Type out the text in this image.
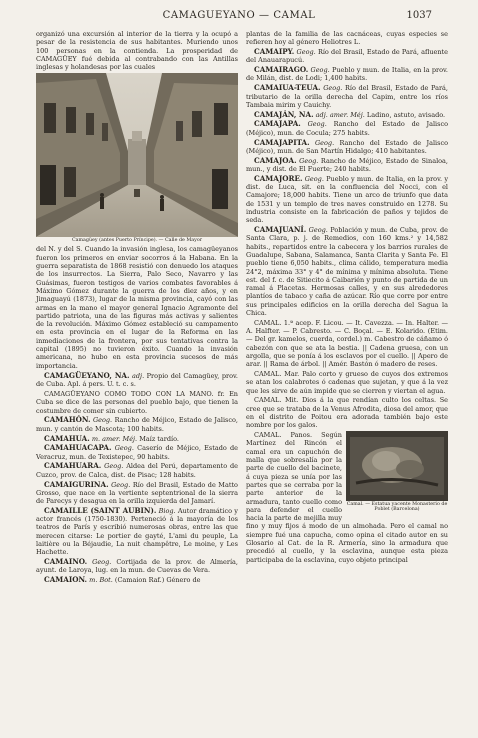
CAMAGUEYANO — CAMAL	1037

organizó una excursión al interior de la tierra y la ocupó a pesar de la resistencia de sus habitantes. Muriendo unos 100 personas en la contienda. La prosperidad de CAMAGÜEY fué debida al contrabando con las Antillas inglesas y holandesas por las cuales

Camagüey (antes Puerto Príncipe). — Calle de Mayor

del N. y del S. Cuando la invasión inglesa, los camagüeyanos fueron los primeros en enviar socorros á la Habana. En la guerra separatista de 1868 resistió con denuedo los ataques de los insurrectos. La Sierra, Palo Seco, Navarro y las Guásimas, fueron testigos de varios combates favorables á Máximo Gómez durante la guerra de los diez años, y en Jimaguayú (1873), lugar de la misma provincia, cayó con las armas en la mano el mayor general Ignacio Agramonte del partido patriota, una de las figuras más activas y salientes de la revolución. Máximo Gómez estableció su campamento en esta provincia en el lugar de la Reforma en las inmediaciones de la frontera, por sus tentativas contra la capital (1895) no tuvieron éxito. Cuando la invasión americana, no hubo en esta provincia sucesos de más importancia.

CAMAGÜEYANO, NA. adj. Propio del Camagüey, prov. de Cuba. Apl. á pers. U. t. c. s.

CAMAGÜEYANO COMO TODO CON LA MANO. fr. En Cuba se dice de las personas del pueblo bajo, que tienen la costumbre de comer sin cubierto.

CAMAHÓN. Geog. Rancho de Méjico, Estado de Jalisco, mun. y cantón de Mascota; 100 habits.

CAMAHUA. m. amer. Méj. Maíz tardío.

CAMAHUACAPA. Geog. Caserío de Méjico, Estado de Veracruz, mun. de Texistepec, 90 habits.

CAMAHUARA. Geog. Aldea del Perú, departamento de Cuzco, prov. de Calca, dist. de Pisac; 128 habits.

CAMAIGURINA. Geog. Río del Brasil, Estado de Matto Grosso, que nace en la vertiente septentrional de la sierra de Parecys y desagua en la orilla izquierda del Jamarí.

CAMAILLE (SAINT AUBIN). Biog. Autor dramático y actor francés (1750-1830). Perteneció á la mayoría de los teatros de París y escribió numerosas obras, entre las que merecen citarse: Le portier de gayté, L'ami du peuple, La laitière ou la Béjaudie, La nuit champêtre, Le moine, y Les Hachette.

CAMAINO. Geog. Cortijada de la prov. de Almería, ayunt. de Laroya, lug. en la mun. de Cuevas de Vera.

CAMAION. m. Bot. (Camaion Raf.) Género de

plantas de la familia de las cacnáceas, cuyas especies se refieren hoy al género Heliotres L.

CAMAIPY. Geog. Río del Brasil, Estado de Pará, afluente del Anauarapucú.

CAMAIRAGO. Geog. Pueblo y mun. de Italia, en la prov. de Milán, dist. de Lodi; 1,400 habits.

CAMAIUA-TEUA. Geog. Río del Brasil, Estado de Pará, tributario de la orilla derecha del Capim, entre los ríos Tambaia mirim y Cauichy.

CAMAJÁN, NA. adj. amer. Méj. Ladino, astuto, avisado.

CAMAJAPA. Geog. Rancho del Estado de Jalisco (Méjico), mun. de Cocula; 275 habits.

CAMAJAPITA. Geog. Rancho del Estado de Jalisco (Méjico), mun. de San Martín Hidalgo; 410 habitantes.

CAMAJOA. Geog. Rancho de Méjico, Estado de Sinaloa, mun., y dist. de El Fuerte; 240 habits.

CAMAJORE. Geog. Pueblo y mun. de Italia, en la prov. y dist. de Luca, sit. en la confluencia del Nocci, con el Camajore; 18,000 habits. Tiene un arco de triunfo que data de 1531 y un templo de tres naves construido en 1278. Su industria consiste en la fabricación de paños y tejidos de seda.

CAMAJUANÍ. Geog. Población y mun. de Cuba, prov. de Santa Clara, p. j. de Remedios, con 160 kms.² y 14,582 habits., repartidos entre la cabecera y los barrios rurales de Guadalupe, Sabana, Salamanca, Santa Clarita y Santa Fe. El pueblo tiene 6,050 habits., clima cálido, temperatura media 24°2, máxima 33° y 4° de mínima y mínima absoluta. Tiene est. del f. c. de Sitiecito á Caibarién y punto de partida de un ramal á Placetas. Hermosas calles, y en sus alrededores plantíos de tabaco y caña de azúcar. Río que corre por entre sus principales edificios en la orilla derecha del Sagua la Chica.

CAMAL. 1.ª acep. F. Licou. — It. Cavezza. — In. Halter. — A. Halfter. — P. Cabresto. — C. Boçal. — E. Kolarido. (Etim. — Del gr. kamelos, cuerda, cordel.) m. Cabestro de cáñamo ó cabezón con que se ata la bestia. || Cadena gruesa, con un argolla, que se ponía á los esclavos por el cuello. || Apero de arar. || Rama de árbol. || Amér. Bastón ó madero de reses.

CAMAL. Mar. Palo corto y grueso de cuyos dos extremos se atan los calabrotes ó cadenas que sujetan, y que á la vez que les sirve de aún impide que se cierren y viertan el agua.

CAMAL. Mit. Dios á la que rendían culto los celtas. Se cree que se trataba de la Venus Afrodita, diosa del amor, que en el distrito de Poitou era adorada también bajo este nombre por los galos.

Camal. — Estatua yacente Monasterio de Poblet (Barcelona)

CAMAL. Panos. Según Martínez del Rincón el camal era un capuchón de malla que sobresalía por la parte de cuello del bacinete, á cuya pieza se unía por las partes que se cerraba por la parte anterior de la armadura, tanto cuello como para defender el cuello hacia la parte de mejilla muy fino y muy fijos á modo de un almohada. Pero el camal no siempre fué una capucha, como opina el citado autor en su Glosario al Cat. de la R. Armería, sino la armadura que precedió al cuello, y la esclavina, aunque esta pieza participaba de la esclavina, cuyo objeto principal
